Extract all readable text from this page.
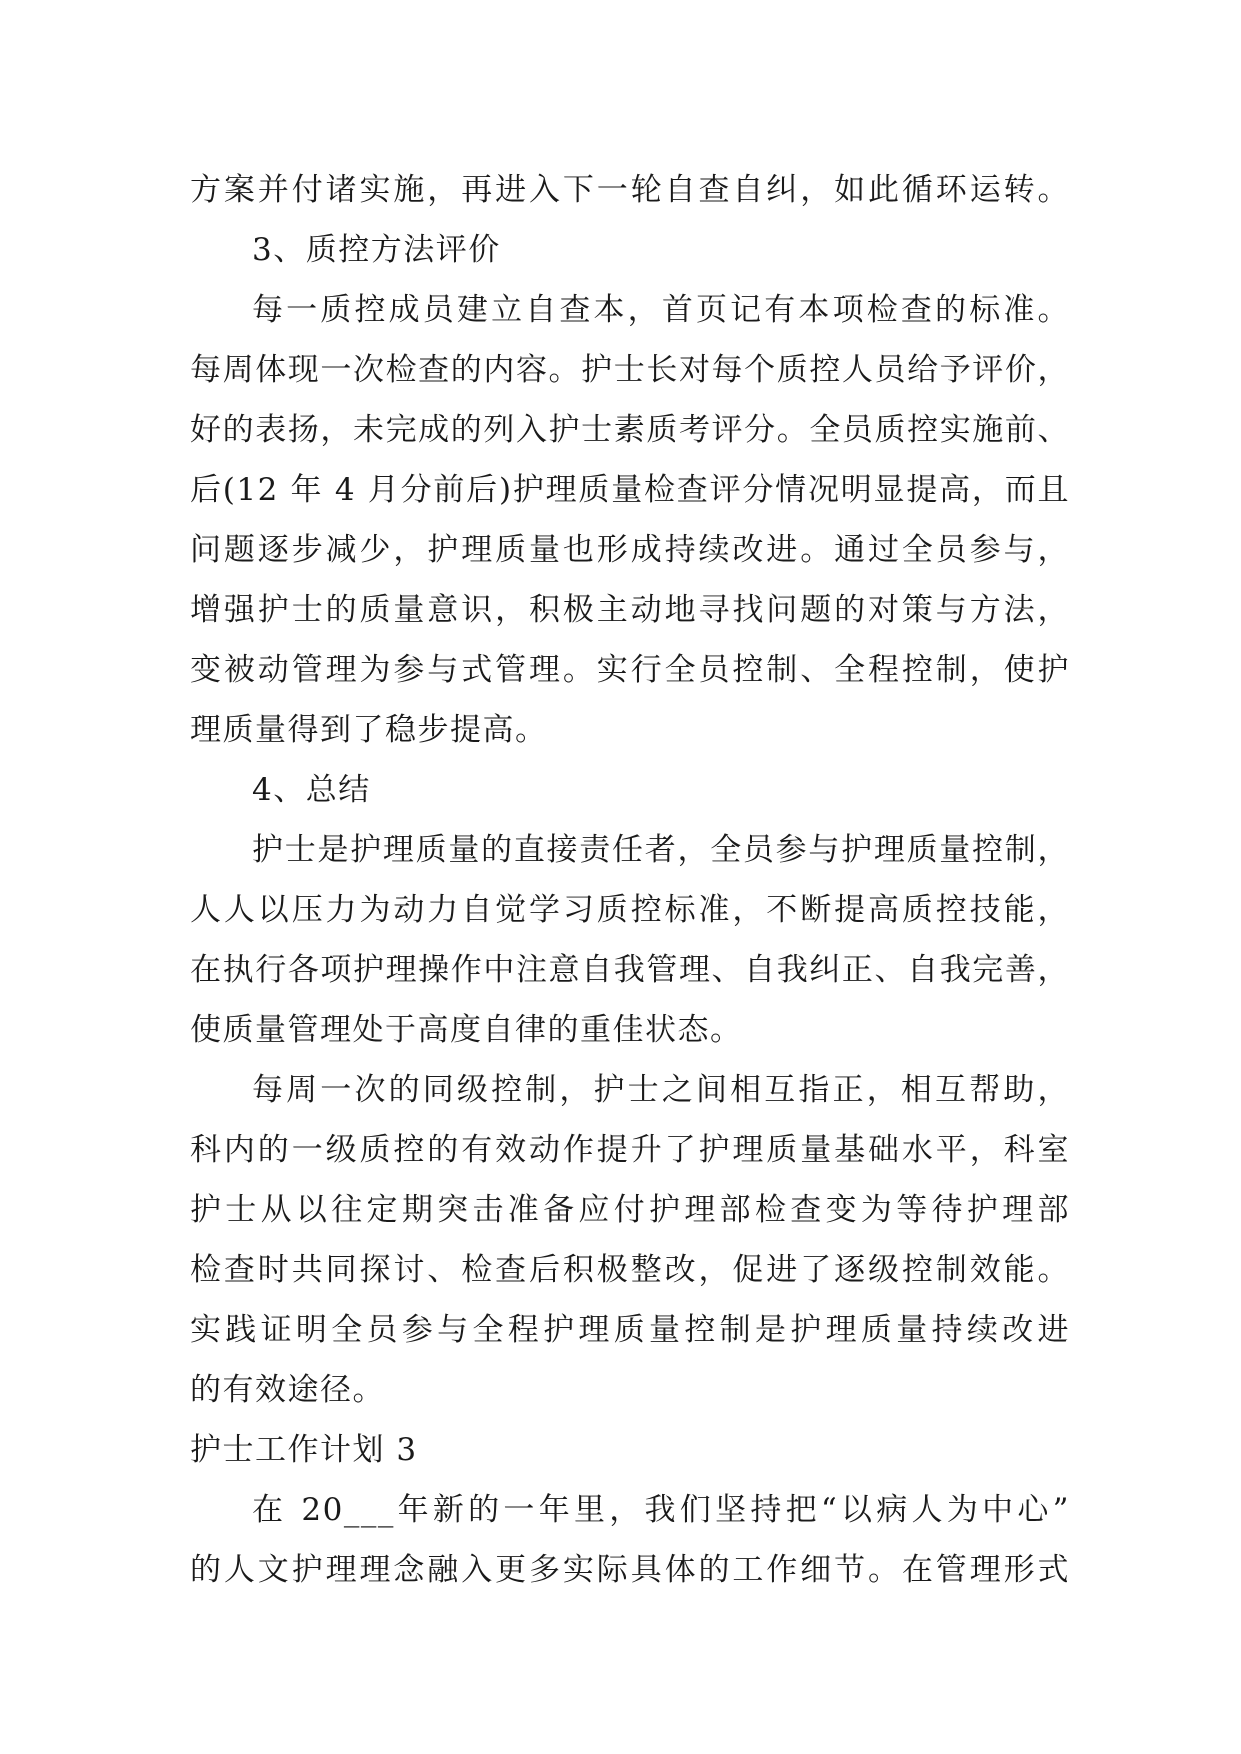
方案并付诸实施，再进入下一轮自查自纠，如此循环运转。
3、质控方法评价
每一质控成员建立自查本，首页记有本项检查的标准。
每周体现一次检查的内容。护士长对每个质控人员给予评价，
好的表扬，未完成的列入护士素质考评分。全员质控实施前、
后(12 年 4 月分前后)护理质量检查评分情况明显提高，而且
问题逐步减少，护理质量也形成持续改进。通过全员参与，
增强护士的质量意识，积极主动地寻找问题的对策与方法，
变被动管理为参与式管理。实行全员控制、全程控制，使护
理质量得到了稳步提高。
4、总结
护士是护理质量的直接责任者，全员参与护理质量控制，
人人以压力为动力自觉学习质控标准，不断提高质控技能，
在执行各项护理操作中注意自我管理、自我纠正、自我完善，
使质量管理处于高度自律的重佳状态。
每周一次的同级控制，护士之间相互指正，相互帮助，
科内的一级质控的有效动作提升了护理质量基础水平，科室
护士从以往定期突击准备应付护理部检查变为等待护理部
检查时共同探讨、检查后积极整改，促进了逐级控制效能。
实践证明全员参与全程护理质量控制是护理质量持续改进
的有效途径。
护士工作计划 3
在 20___年新的一年里，我们坚持把“以病人为中心”
的人文护理理念融入更多实际具体的工作细节。在管理形式
